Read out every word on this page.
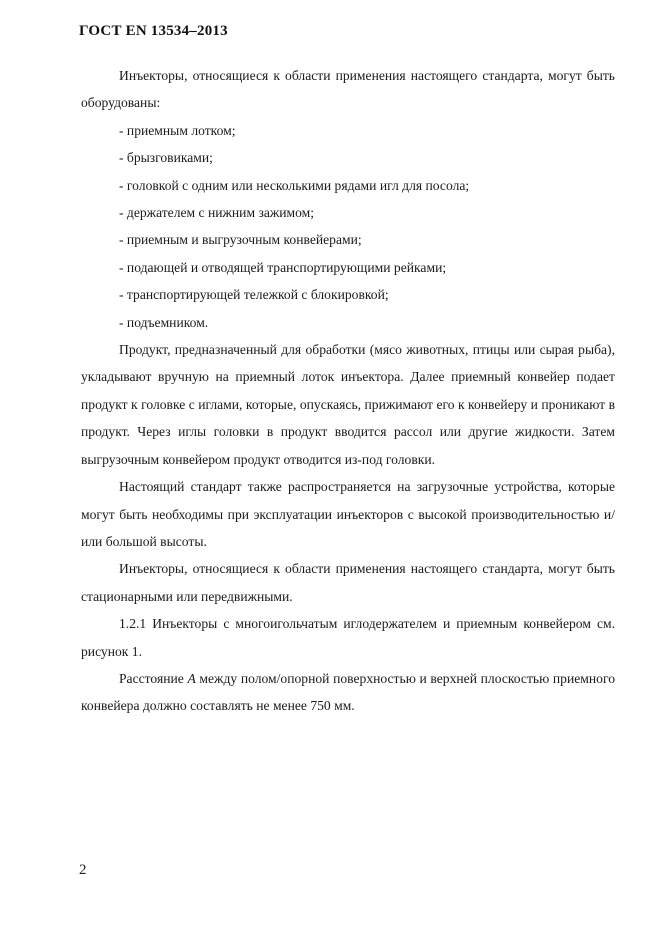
ГОСТ EN 13534–2013

Инъекторы, относящиеся к области применения настоящего стандарта, могут быть оборудованы:

- приемным лотком;

- брызговиками;

- головкой с одним или несколькими рядами игл для посола;

- держателем с нижним зажимом;

- приемным и выгрузочным конвейерами;

- подающей и отводящей транспортирующими рейками;

- транспортирующей тележкой с блокировкой;

- подъемником.

Продукт, предназначенный для обработки (мясо животных, птицы или сырая рыба), укладывают вручную на приемный лоток инъектора. Далее приемный конвейер подает продукт к головке с иглами, которые, опускаясь, прижимают его к конвейеру и проникают в продукт. Через иглы головки в продукт вводится рассол или другие жидкости. Затем выгрузочным конвейером продукт отводится из-под головки.

Настоящий стандарт также распространяется на загрузочные устройства, которые могут быть необходимы при эксплуатации инъекторов с высокой производительностью и/или большой высоты.

Инъекторы, относящиеся к области применения настоящего стандарта, могут быть стационарными или передвижными.

1.2.1 Инъекторы с многоигольчатым иглодержателем и приемным конвейером см. рисунок 1.

Расстояние A между полом/опорной поверхностью и верхней плоскостью приемного конвейера должно составлять не менее 750 мм.

2
